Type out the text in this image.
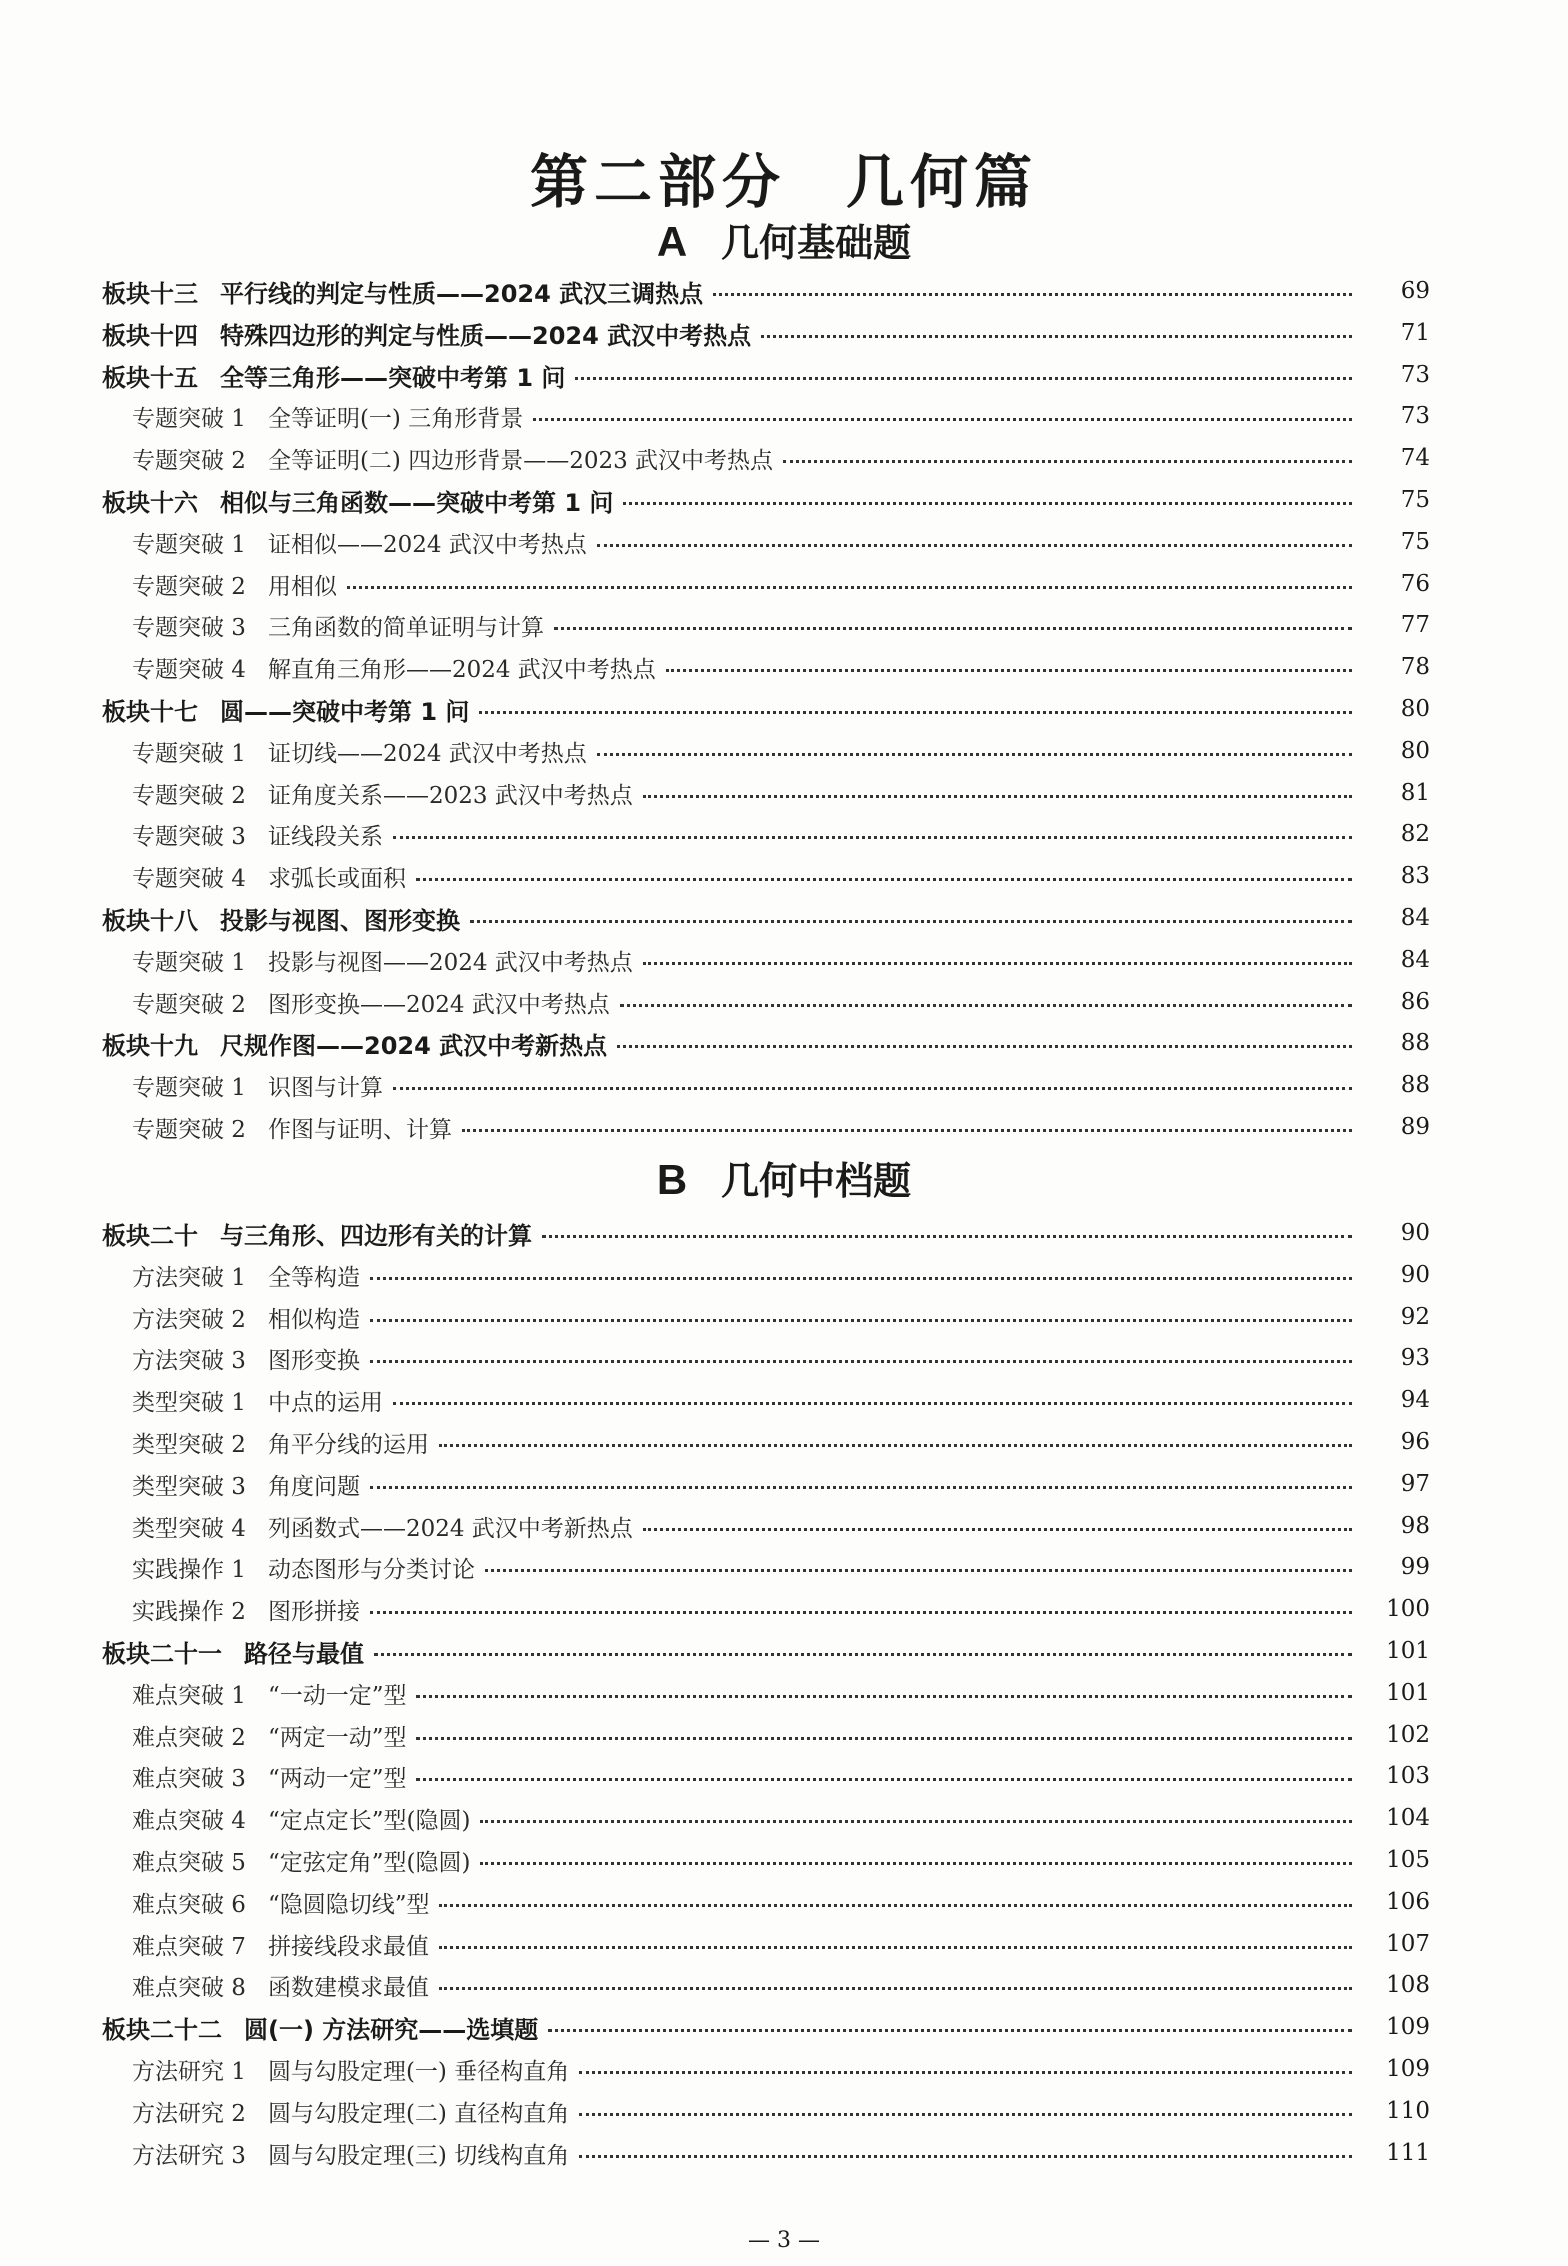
第二部分 几何篇
A 几何基础题
B 几何中档题
板块十三 平行线的判定与性质——2024 武汉三调热点	69
板块十四 特殊四边形的判定与性质——2024 武汉中考热点	71
板块十五 全等三角形——突破中考第 1 问	73
专题突破 1 全等证明(一) 三角形背景	73
专题突破 2 全等证明(二) 四边形背景——2023 武汉中考热点	74
板块十六 相似与三角函数——突破中考第 1 问	75
专题突破 1 证相似——2024 武汉中考热点	75
专题突破 2 用相似	76
专题突破 3 三角函数的简单证明与计算	77
专题突破 4 解直角三角形——2024 武汉中考热点	78
板块十七 圆——突破中考第 1 问	80
专题突破 1 证切线——2024 武汉中考热点	80
专题突破 2 证角度关系——2023 武汉中考热点	81
专题突破 3 证线段关系	82
专题突破 4 求弧长或面积	83
板块十八 投影与视图、图形变换	84
专题突破 1 投影与视图——2024 武汉中考热点	84
专题突破 2 图形变换——2024 武汉中考热点	86
板块十九 尺规作图——2024 武汉中考新热点	88
专题突破 1 识图与计算	88
专题突破 2 作图与证明、计算	89
板块二十 与三角形、四边形有关的计算	90
方法突破 1 全等构造	90
方法突破 2 相似构造	92
方法突破 3 图形变换	93
类型突破 1 中点的运用	94
类型突破 2 角平分线的运用	96
类型突破 3 角度问题	97
类型突破 4 列函数式——2024 武汉中考新热点	98
实践操作 1 动态图形与分类讨论	99
实践操作 2 图形拼接	100
板块二十一 路径与最值	101
难点突破 1 “一动一定”型	101
难点突破 2 “两定一动”型	102
难点突破 3 “两动一定”型	103
难点突破 4 “定点定长”型(隐圆)	104
难点突破 5 “定弦定角”型(隐圆)	105
难点突破 6 “隐圆隐切线”型	106
难点突破 7 拼接线段求最值	107
难点突破 8 函数建模求最值	108
板块二十二 圆(一) 方法研究——选填题	109
方法研究 1 圆与勾股定理(一) 垂径构直角	109
方法研究 2 圆与勾股定理(二) 直径构直角	110
方法研究 3 圆与勾股定理(三) 切线构直角	111
— 3 —
